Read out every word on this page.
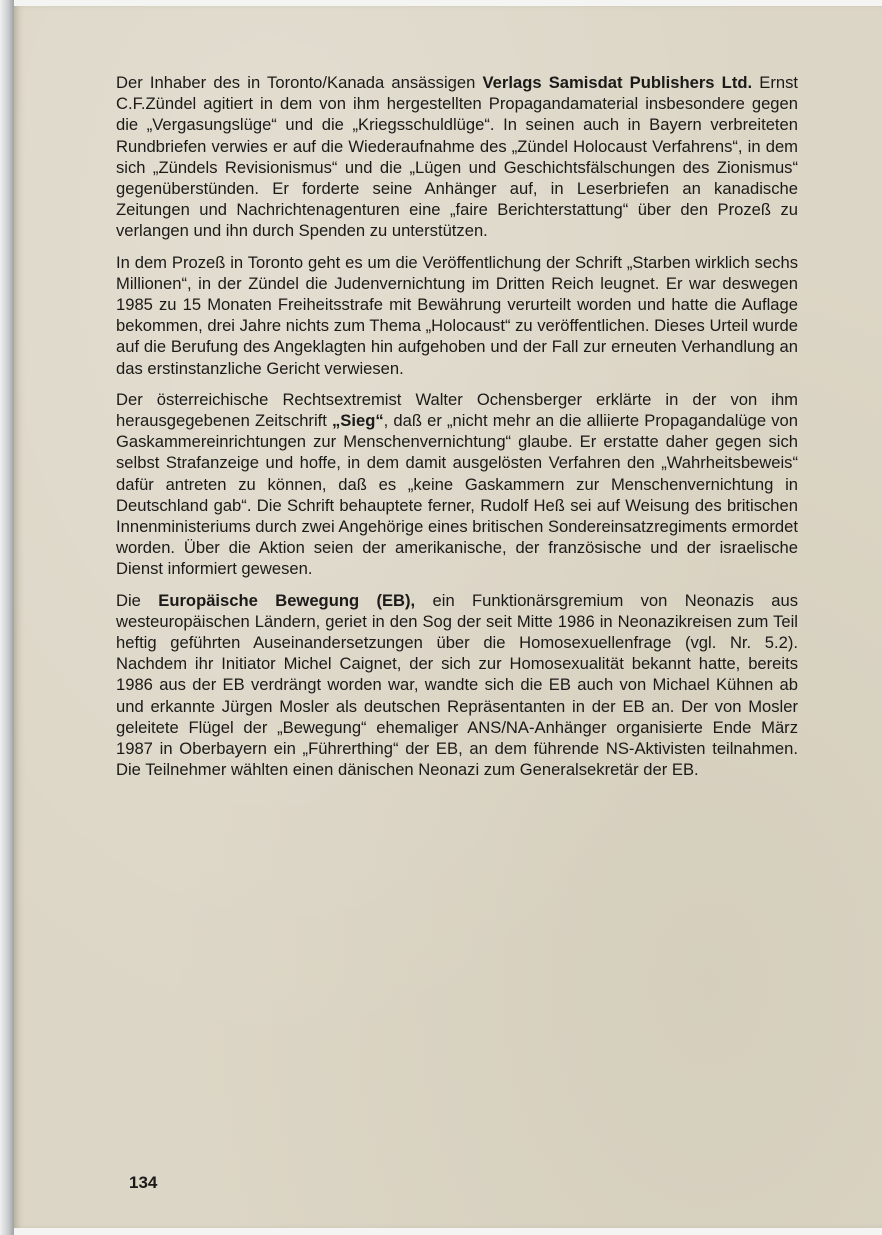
Der Inhaber des in Toronto/Kanada ansässigen Verlags Samisdat Publishers Ltd. Ernst C.F.Zündel agitiert in dem von ihm hergestellten Propagandamaterial insbesondere gegen die „Vergasungslüge“ und die „Kriegsschuldlüge“. In seinen auch in Bayern verbreiteten Rundbriefen verwies er auf die Wiederaufnahme des „Zündel Holocaust Verfahrens“, in dem sich „Zündels Revisionismus“ und die „Lügen und Geschichtsfälschungen des Zionismus“ gegenüberstünden. Er forderte seine Anhänger auf, in Leserbriefen an kanadische Zeitungen und Nachrichtenagenturen eine „faire Berichterstattung“ über den Prozeß zu verlangen und ihn durch Spenden zu unterstützen.

In dem Prozeß in Toronto geht es um die Veröffentlichung der Schrift „Starben wirklich sechs Millionen“, in der Zündel die Judenvernichtung im Dritten Reich leugnet. Er war deswegen 1985 zu 15 Monaten Freiheitsstrafe mit Bewährung verurteilt worden und hatte die Auflage bekommen, drei Jahre nichts zum Thema „Holocaust“ zu veröffentlichen. Dieses Urteil wurde auf die Berufung des Angeklagten hin aufgehoben und der Fall zur erneuten Verhandlung an das erstinstanzliche Gericht verwiesen.

Der österreichische Rechtsextremist Walter Ochensberger erklärte in der von ihm herausgegebenen Zeitschrift „Sieg“, daß er „nicht mehr an die alliierte Propagandalüge von Gaskammereinrichtungen zur Menschenvernichtung“ glaube. Er erstatte daher gegen sich selbst Strafanzeige und hoffe, in dem damit ausgelösten Verfahren den „Wahrheitsbeweis“ dafür antreten zu können, daß es „keine Gaskammern zur Menschenvernichtung in Deutschland gab“. Die Schrift behauptete ferner, Rudolf Heß sei auf Weisung des britischen Innenministeriums durch zwei Angehörige eines britischen Sondereinsatzregiments ermordet worden. Über die Aktion seien der amerikanische, der französische und der israelische Dienst informiert gewesen.

Die Europäische Bewegung (EB), ein Funktionärsgremium von Neonazis aus westeuropäischen Ländern, geriet in den Sog der seit Mitte 1986 in Neonazikreisen zum Teil heftig geführten Auseinandersetzungen über die Homosexuellenfrage (vgl. Nr. 5.2). Nachdem ihr Initiator Michel Caignet, der sich zur Homosexualität bekannt hatte, bereits 1986 aus der EB verdrängt worden war, wandte sich die EB auch von Michael Kühnen ab und erkannte Jürgen Mosler als deutschen Repräsentanten in der EB an. Der von Mosler geleitete Flügel der „Bewegung“ ehemaliger ANS/NA-Anhänger organisierte Ende März 1987 in Oberbayern ein „Führerthing“ der EB, an dem führende NS-Aktivisten teilnahmen. Die Teilnehmer wählten einen dänischen Neonazi zum Generalsekretär der EB.

134
